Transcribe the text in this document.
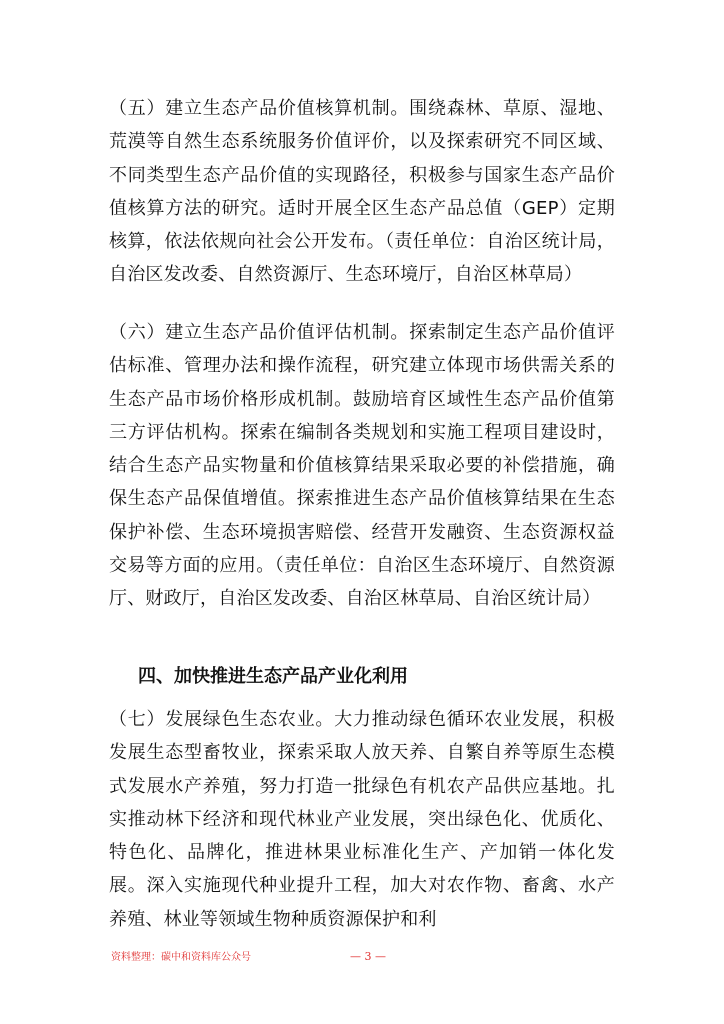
（五）建立生态产品价值核算机制。围绕森林、草原、湿地、荒漠等自然生态系统服务价值评价，以及探索研究不同区域、不同类型生态产品价值的实现路径，积极参与国家生态产品价值核算方法的研究。适时开展全区生态产品总值（GEP）定期核算，依法依规向社会公开发布。（责任单位：自治区统计局，自治区发改委、自然资源厅、生态环境厅，自治区林草局）

（六）建立生态产品价值评估机制。探索制定生态产品价值评估标准、管理办法和操作流程，研究建立体现市场供需关系的生态产品市场价格形成机制。鼓励培育区域性生态产品价值第三方评估机构。探索在编制各类规划和实施工程项目建设时，结合生态产品实物量和价值核算结果采取必要的补偿措施，确保生态产品保值增值。探索推进生态产品价值核算结果在生态保护补偿、生态环境损害赔偿、经营开发融资、生态资源权益交易等方面的应用。（责任单位：自治区生态环境厅、自然资源厅、财政厅，自治区发改委、自治区林草局、自治区统计局）

四、加快推进生态产品产业化利用

（七）发展绿色生态农业。大力推动绿色循环农业发展，积极发展生态型畜牧业，探索采取人放天养、自繁自养等原生态模式发展水产养殖，努力打造一批绿色有机农产品供应基地。扎实推动林下经济和现代林业产业发展，突出绿色化、优质化、特色化、品牌化，推进林果业标准化生产、产加销一体化发展。深入实施现代种业提升工程，加大对农作物、畜禽、水产养殖、林业等领域生物种质资源保护和利

资料整理：碳中和资料库公众号	— 3 —
